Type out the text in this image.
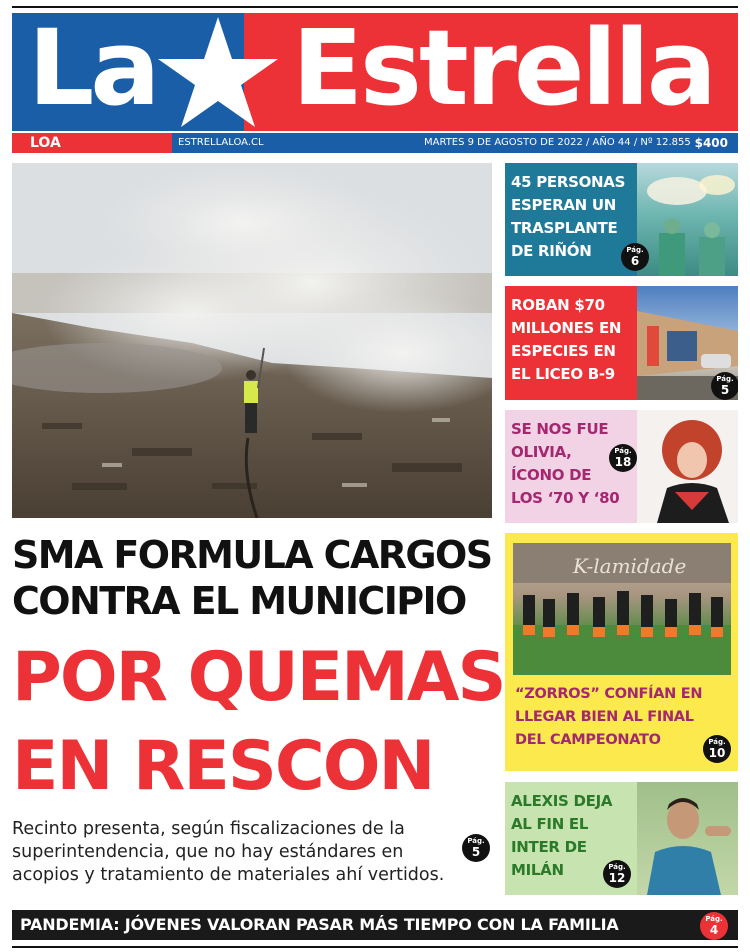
La Estrella
LOA	ESTRELLALOA.CL	MARTES 9 DE AGOSTO DE 2022 / AÑO 44 / Nº 12.855 $400
SMA FORMULA CARGOS
CONTRA EL MUNICIPIO
POR QUEMAS
EN RESCON
Recinto presenta, según fiscalizaciones de la superintendencia, que no hay estándares en acopios y tratamiento de materiales ahí vertidos.
Pág.
5
45 PERSONAS
ESPERAN UN
TRASPLANTE
DE RIÑÓN	Pág.
6
ROBAN $70
MILLONES EN
ESPECIES EN
EL LICEO B-9	Pág.
5
SE NOS FUE
OLIVIA,
ÍCONO DE
LOS ‘70 Y ‘80
Pág.
18
K-lamidade
“ZORROS” CONFÍAN EN
LLEGAR BIEN AL FINAL
DEL CAMPEONATO	Pág.
10
ALEXIS DEJA
AL FIN EL
INTER DE
MILÁN	Pág.
12
PANDEMIA: JÓVENES VALORAN PASAR MÁS TIEMPO CON LA FAMILIA	Pág.
4
